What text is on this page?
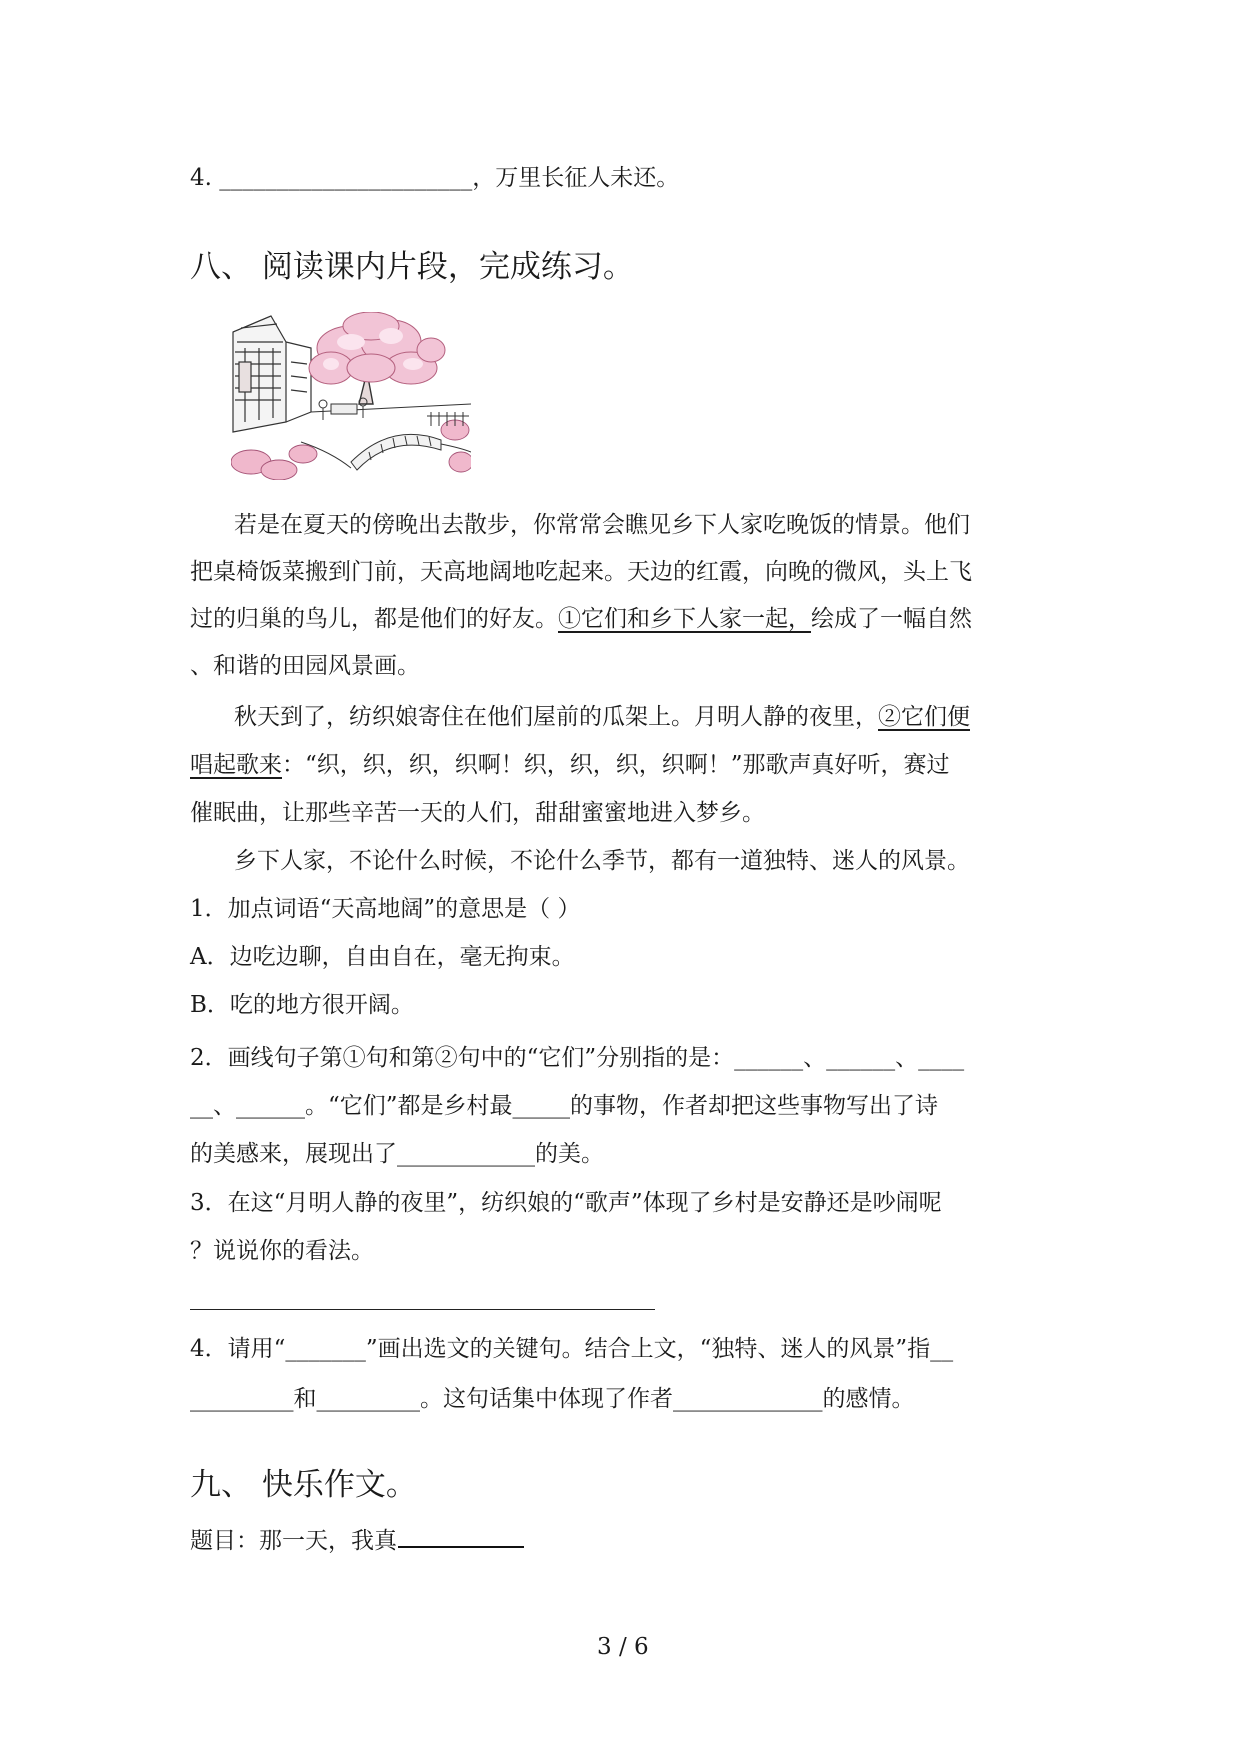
4. ______________________，万里长征人未还。
八、 阅读课内片段，完成练习。
若是在夏天的傍晚出去散步，你常常会瞧见乡下人家吃晚饭的情景。他们
把桌椅饭菜搬到门前，天高地阔地吃起来。天边的红霞，向晚的微风，头上飞
过的归巢的鸟儿，都是他们的好友。①它们和乡下人家一起，绘成了一幅自然
、和谐的田园风景画。
秋天到了，纺织娘寄住在他们屋前的瓜架上。月明人静的夜里，②它们便
唱起歌来：“织，织，织，织啊！织，织，织，织啊！”那歌声真好听，赛过
催眠曲，让那些辛苦一天的人们，甜甜蜜蜜地进入梦乡。
乡下人家，不论什么时候，不论什么季节，都有一道独特、迷人的风景。
1．加点词语“天高地阔”的意思是（ ）
A．边吃边聊，自由自在，毫无拘束。
B．吃的地方很开阔。
2．画线句子第①句和第②句中的“它们”分别指的是：______、______、____
__、______。“它们”都是乡村最_____的事物，作者却把这些事物写出了诗
的美感来，展现出了____________的美。
3．在这“月明人静的夜里”，纺织娘的“歌声”体现了乡村是安静还是吵闹呢
？说说你的看法。
4．请用“_______”画出选文的关键句。结合上文，“独特、迷人的风景”指__
_________和_________。这句话集中体现了作者_____________的感情。
九、 快乐作文。
题目：那一天，我真
3 / 6
